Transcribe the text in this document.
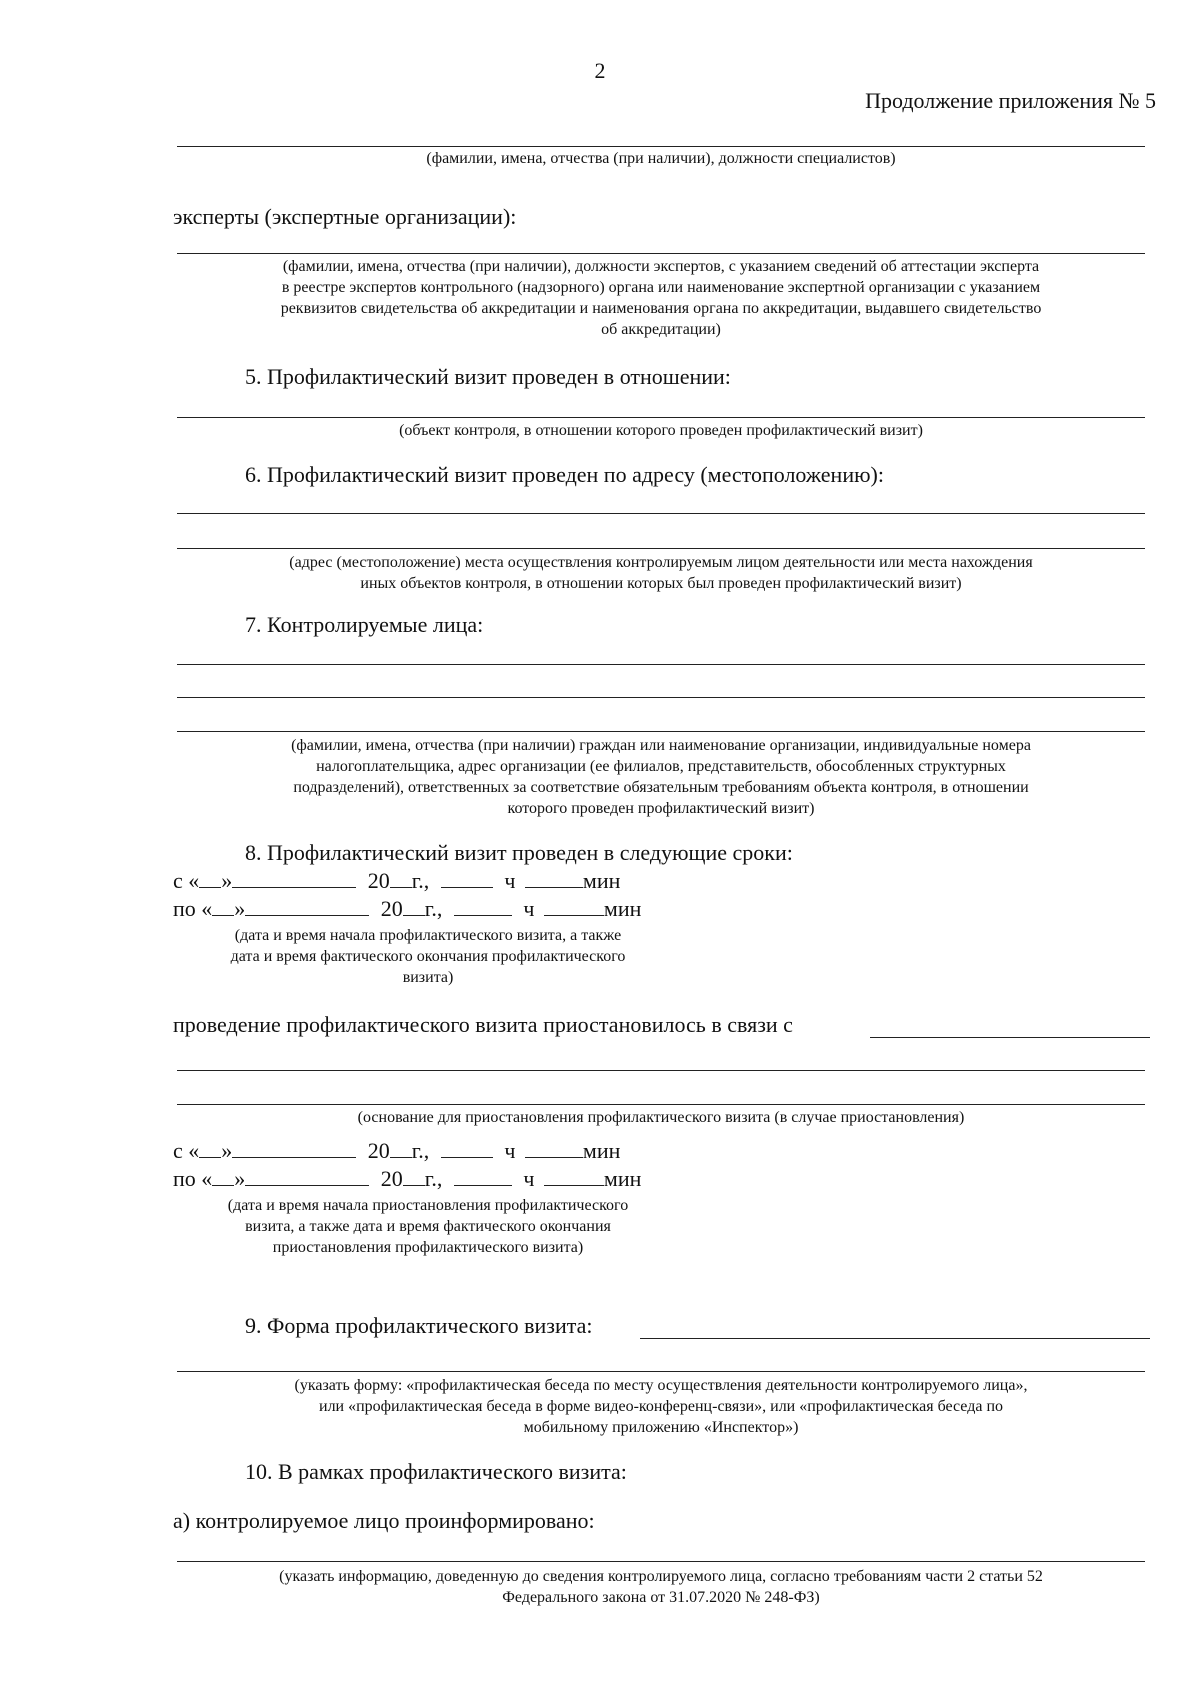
2
Продолжение приложения № 5
(фамилии, имена, отчества (при наличии), должности специалистов)
эксперты (экспертные организации):
(фамилии, имена, отчества (при наличии), должности экспертов, с указанием сведений об аттестации эксперта
в реестре экспертов контрольного (надзорного) органа или наименование экспертной организации с указанием
реквизитов свидетельства об аккредитации и наименования органа по аккредитации, выдавшего свидетельство
об аккредитации)
5. Профилактический визит проведен в отношении:
(объект контроля, в отношении которого проведен профилактический визит)
6. Профилактический визит проведен по адресу (местоположению):
(адрес (местоположение) места осуществления контролируемым лицом деятельности или места нахождения
иных объектов контроля, в отношении которых был проведен профилактический визит)
7. Контролируемые лица:
(фамилии, имена, отчества (при наличии) граждан или наименование организации, индивидуальные номера
налогоплательщика, адрес организации (ее филиалов, представительств, обособленных структурных
подразделений), ответственных за соответствие обязательным требованиям объекта контроля, в отношении
которого проведен профилактический визит)
8. Профилактический визит проведен в следующие сроки:
с « »	20 г.,	ч	мин
по « »	20 г.,	ч	мин
(дата и время начала профилактического визита, а также
дата и время фактического окончания профилактического
визита)
проведение профилактического визита приостановилось в связи с
(основание для приостановления профилактического визита (в случае приостановления)
с « »	20 г.,	ч	мин
по « »	20 г.,	ч	мин
(дата и время начала приостановления профилактического
визита, а также дата и время фактического окончания
приостановления профилактического визита)
9. Форма профилактического визита:
(указать форму: «профилактическая беседа по месту осуществления деятельности контролируемого лица»,
или «профилактическая беседа в форме видео-конференц-связи», или «профилактическая беседа по
мобильному приложению «Инспектор»)
10. В рамках профилактического визита:
а) контролируемое лицо проинформировано:
(указать информацию, доведенную до сведения контролируемого лица, согласно требованиям части 2 статьи 52
Федерального закона от 31.07.2020 № 248-ФЗ)
